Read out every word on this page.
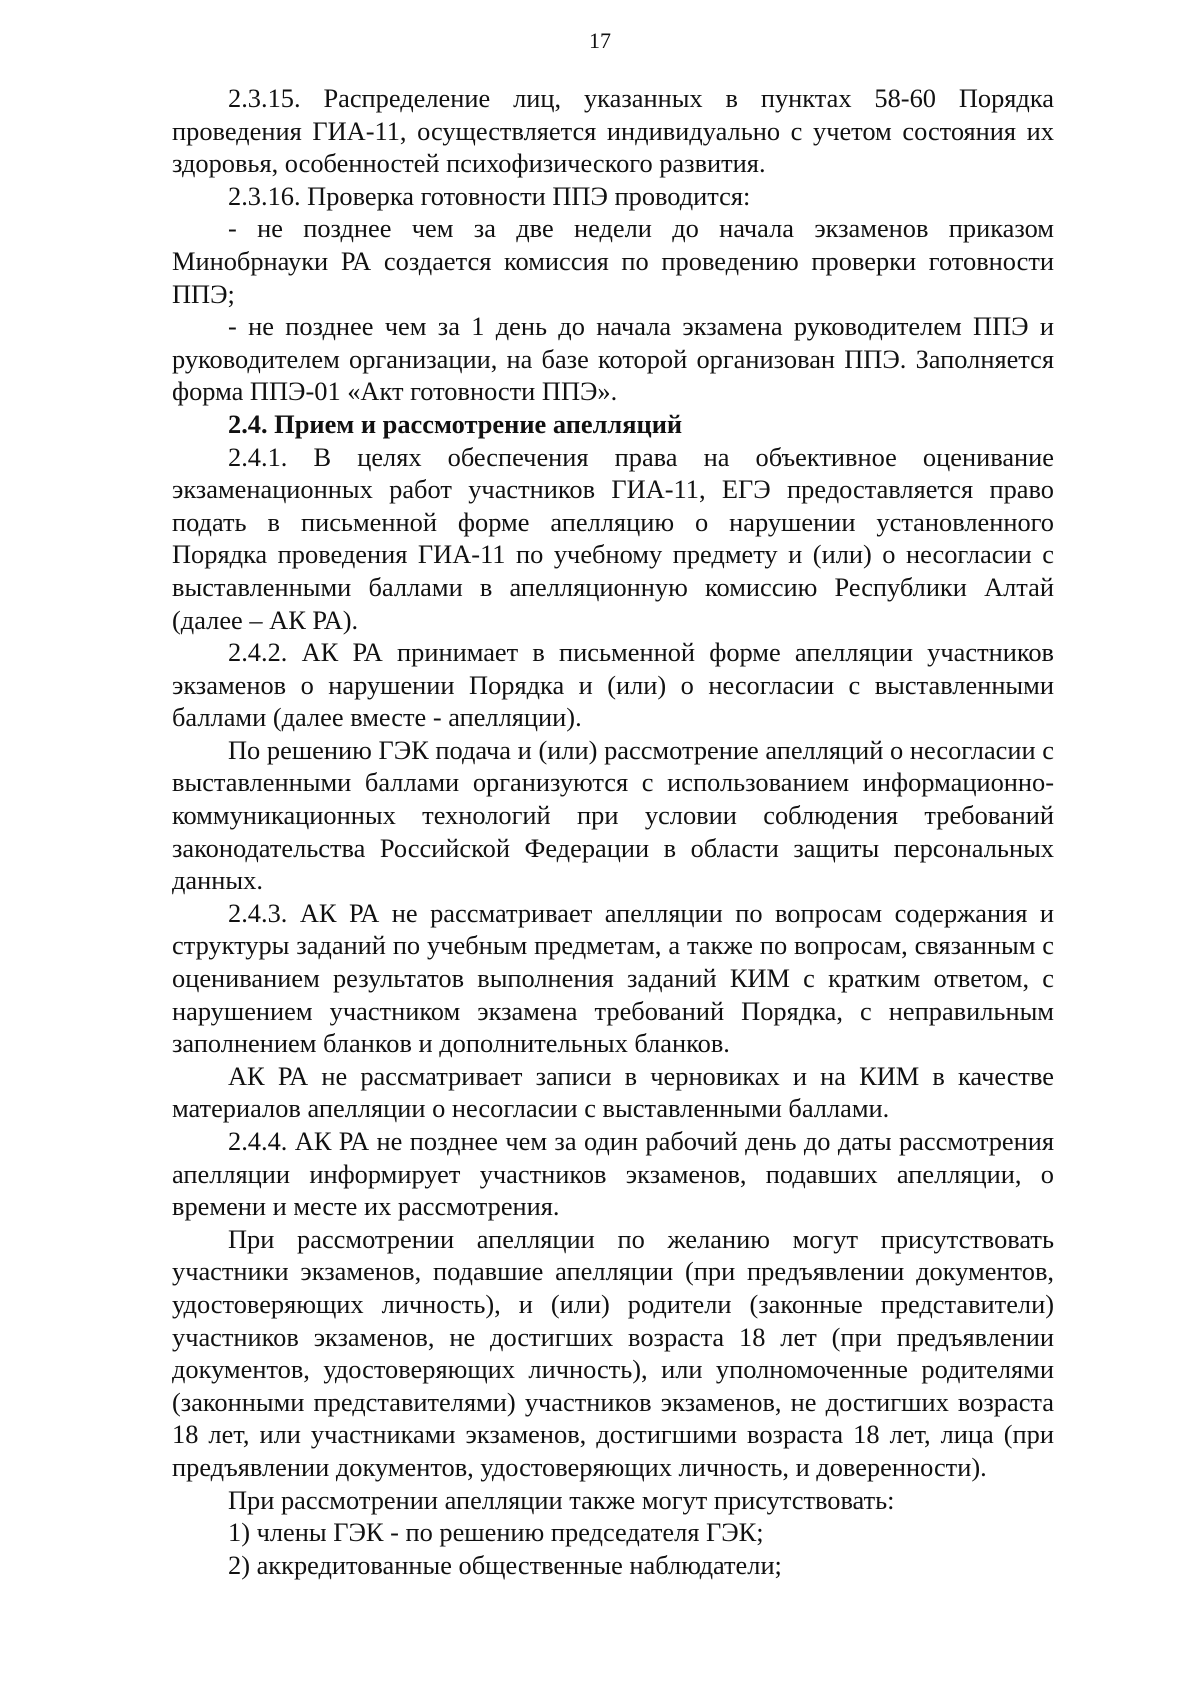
17

2.3.15. Распределение лиц, указанных в пунктах 58-60 Порядка проведения ГИА-11, осуществляется индивидуально с учетом состояния их здоровья, особенностей психофизического развития.

2.3.16. Проверка готовности ППЭ проводится:

- не позднее чем за две недели до начала экзаменов приказом Минобрнауки РА создается комиссия по проведению проверки готовности ППЭ;

- не позднее чем за 1 день до начала экзамена руководителем ППЭ и руководителем организации, на базе которой организован ППЭ. Заполняется форма ППЭ-01 «Акт готовности ППЭ».

2.4. Прием и рассмотрение апелляций

2.4.1. В целях обеспечения права на объективное оценивание экзаменационных работ участников ГИА-11, ЕГЭ предоставляется право подать в письменной форме апелляцию о нарушении установленного Порядка проведения ГИА-11 по учебному предмету и (или) о несогласии с выставленными баллами в апелляционную комиссию Республики Алтай (далее – АК РА).

2.4.2. АК РА принимает в письменной форме апелляции участников экзаменов о нарушении Порядка и (или) о несогласии с выставленными баллами (далее вместе - апелляции).

По решению ГЭК подача и (или) рассмотрение апелляций о несогласии с выставленными баллами организуются с использованием информационно-коммуникационных технологий при условии соблюдения требований законодательства Российской Федерации в области защиты персональных данных.

2.4.3. АК РА не рассматривает апелляции по вопросам содержания и структуры заданий по учебным предметам, а также по вопросам, связанным с оцениванием результатов выполнения заданий КИМ с кратким ответом, с нарушением участником экзамена требований Порядка, с неправильным заполнением бланков и дополнительных бланков.

АК РА не рассматривает записи в черновиках и на КИМ в качестве материалов апелляции о несогласии с выставленными баллами.

2.4.4. АК РА не позднее чем за один рабочий день до даты рассмотрения апелляции информирует участников экзаменов, подавших апелляции, о времени и месте их рассмотрения.

При рассмотрении апелляции по желанию могут присутствовать участники экзаменов, подавшие апелляции (при предъявлении документов, удостоверяющих личность), и (или) родители (законные представители) участников экзаменов, не достигших возраста 18 лет (при предъявлении документов, удостоверяющих личность), или уполномоченные родителями (законными представителями) участников экзаменов, не достигших возраста 18 лет, или участниками экзаменов, достигшими возраста 18 лет, лица (при предъявлении документов, удостоверяющих личность, и доверенности).

При рассмотрении апелляции также могут присутствовать:

1) члены ГЭК - по решению председателя ГЭК;

2) аккредитованные общественные наблюдатели;
